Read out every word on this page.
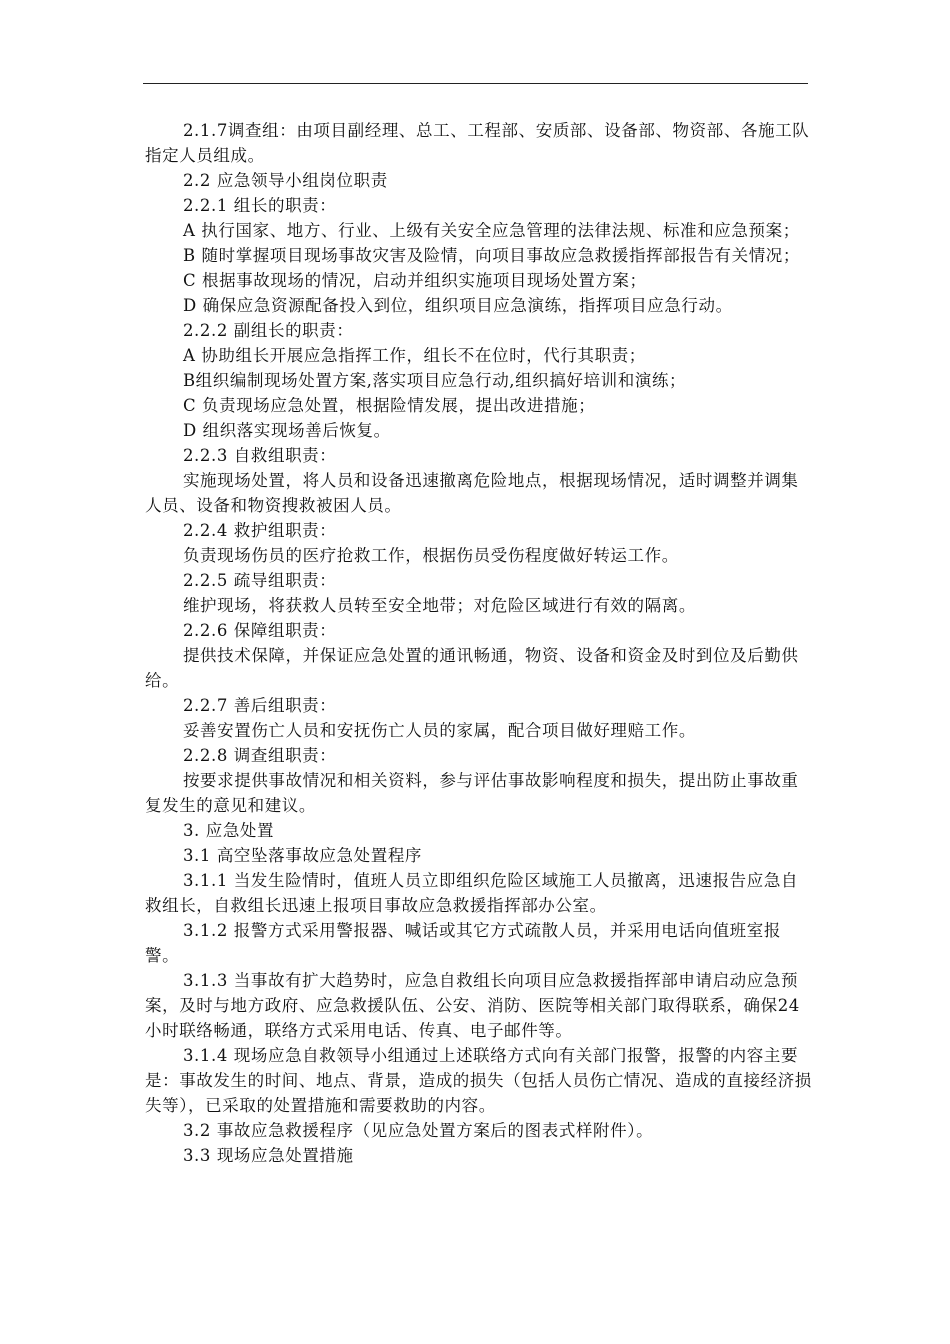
2.1.7调查组：由项目副经理、总工、工程部、安质部、设备部、物资部、各施工队指定人员组成。

2.2 应急领导小组岗位职责

2.2.1 组长的职责：

A 执行国家、地方、行业、上级有关安全应急管理的法律法规、标准和应急预案；

B 随时掌握项目现场事故灾害及险情，向项目事故应急救援指挥部报告有关情况；

C 根据事故现场的情况，启动并组织实施项目现场处置方案；

D 确保应急资源配备投入到位，组织项目应急演练，指挥项目应急行动。

2.2.2 副组长的职责：

A 协助组长开展应急指挥工作，组长不在位时，代行其职责；

B组织编制现场处置方案,落实项目应急行动,组织搞好培训和演练；

C 负责现场应急处置，根据险情发展，提出改进措施；

D 组织落实现场善后恢复。

2.2.3 自救组职责：

实施现场处置，将人员和设备迅速撤离危险地点，根据现场情况，适时调整并调集人员、设备和物资搜救被困人员。

2.2.4 救护组职责：

负责现场伤员的医疗抢救工作，根据伤员受伤程度做好转运工作。

2.2.5 疏导组职责：

维护现场，将获救人员转至安全地带；对危险区域进行有效的隔离。

2.2.6 保障组职责：

提供技术保障，并保证应急处置的通讯畅通，物资、设备和资金及时到位及后勤供给。

2.2.7 善后组职责：

妥善安置伤亡人员和安抚伤亡人员的家属，配合项目做好理赔工作。

2.2.8 调查组职责：

按要求提供事故情况和相关资料，参与评估事故影响程度和损失，提出防止事故重复发生的意见和建议。

3. 应急处置

3.1 高空坠落事故应急处置程序

3.1.1 当发生险情时，值班人员立即组织危险区域施工人员撤离，迅速报告应急自救组长，自救组长迅速上报项目事故应急救援指挥部办公室。

3.1.2 报警方式采用警报器、喊话或其它方式疏散人员，并采用电话向值班室报警。

3.1.3 当事故有扩大趋势时，应急自救组长向项目应急救援指挥部申请启动应急预案，及时与地方政府、应急救援队伍、公安、消防、医院等相关部门取得联系，确保24小时联络畅通，联络方式采用电话、传真、电子邮件等。

3.1.4 现场应急自救领导小组通过上述联络方式向有关部门报警，报警的内容主要是：事故发生的时间、地点、背景，造成的损失（包括人员伤亡情况、造成的直接经济损失等），已采取的处置措施和需要救助的内容。

3.2 事故应急救援程序（见应急处置方案后的图表式样附件）。

3.3 现场应急处置措施
